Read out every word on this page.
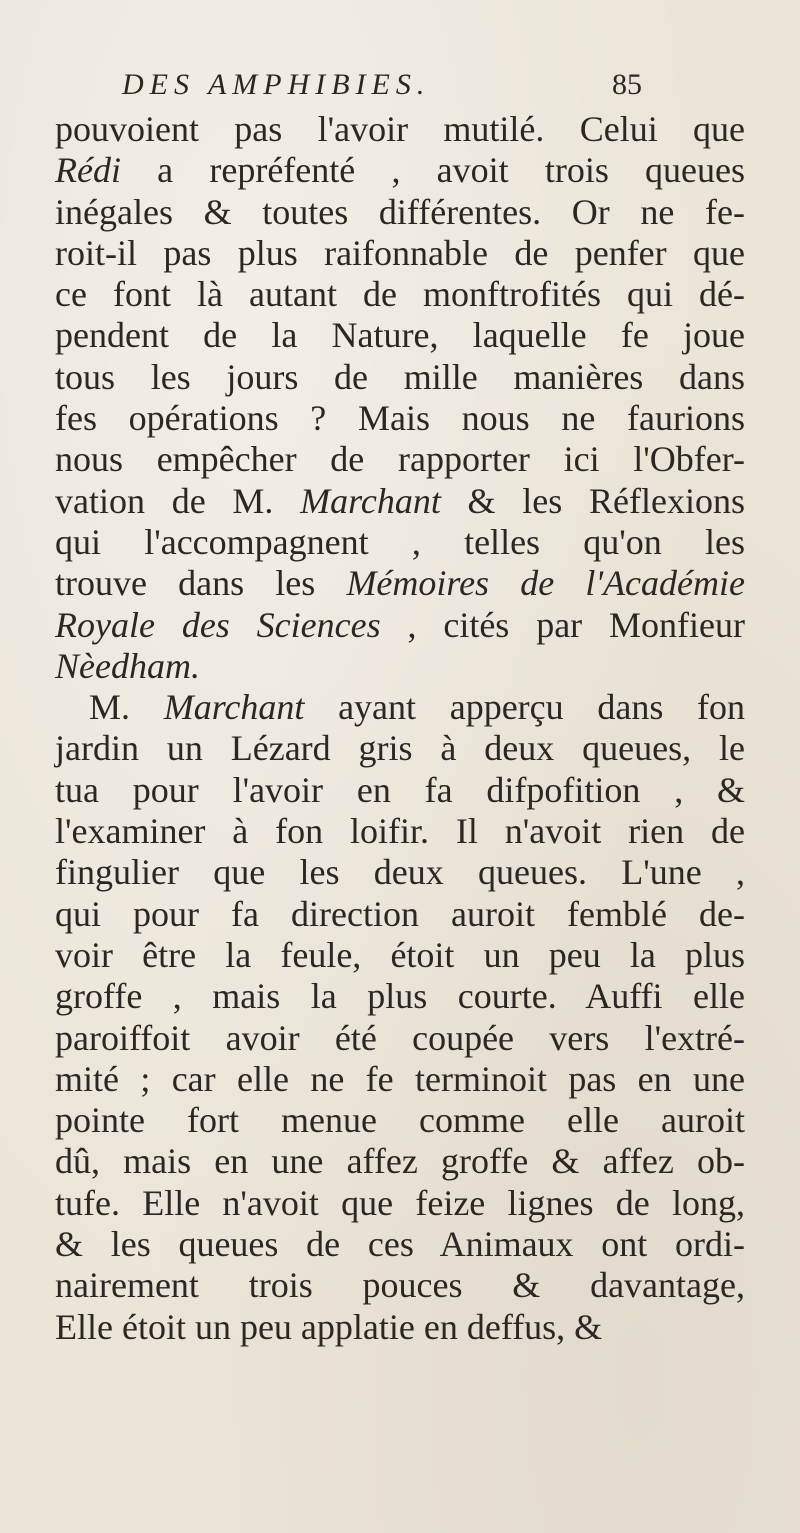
DES AMPHIBIES.	85
pouvoient pas l'avoir mutilé. Celui que
Rédi a repréfenté , avoit trois queues
inégales & toutes différentes. Or ne fe-
roit-il pas plus raifonnable de penfer que
ce font là autant de monftrofités qui dé-
pendent de la Nature, laquelle fe joue
tous les jours de mille manières dans
fes opérations ? Mais nous ne faurions
nous empêcher de rapporter ici l'Obfer-
vation de M. Marchant & les Réflexions
qui l'accompagnent , telles qu'on les
trouve dans les Mémoires de l'Académie
Royale des Sciences , cités par Monfieur
Nèedham.
M. Marchant ayant apperçu dans fon
jardin un Lézard gris à deux queues, le
tua pour l'avoir en fa difpofition , &
l'examiner à fon loifir. Il n'avoit rien de
fingulier que les deux queues. L'une ,
qui pour fa direction auroit femblé de-
voir être la feule, étoit un peu la plus
groffe , mais la plus courte. Auffi elle
paroiffoit avoir été coupée vers l'extré-
mité ; car elle ne fe terminoit pas en une
pointe fort menue comme elle auroit
dû, mais en une affez groffe & affez ob-
tufe. Elle n'avoit que feize lignes de long,
& les queues de ces Animaux ont ordi-
nairement trois pouces & davantage,
Elle étoit un peu applatie en deffus, &
